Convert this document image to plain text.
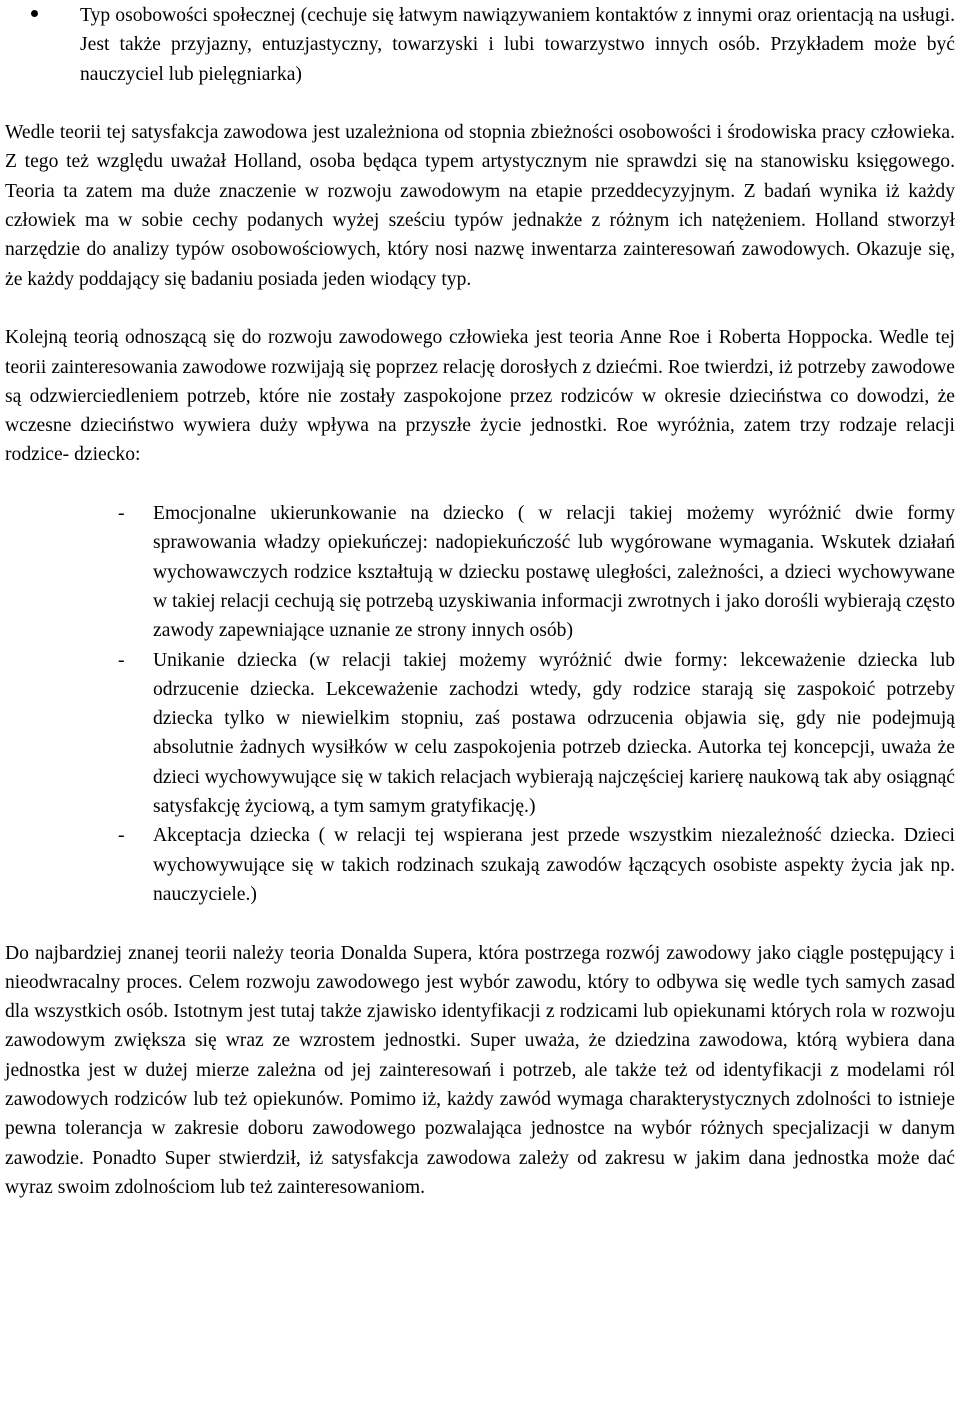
Typ osobowości społecznej (cechuje się łatwym nawiązywaniem kontaktów z innymi oraz orientacją na usługi. Jest także przyjazny, entuzjastyczny, towarzyski i lubi towarzystwo innych osób. Przykładem może być nauczyciel lub pielęgniarka)

Wedle teorii tej satysfakcja zawodowa jest uzależniona od stopnia zbieżności osobowości i środowiska pracy człowieka. Z tego też względu uważał Holland, osoba będąca typem artystycznym nie sprawdzi się na stanowisku księgowego. Teoria ta zatem ma duże znaczenie w rozwoju zawodowym na etapie przeddecyzyjnym. Z badań wynika iż każdy człowiek ma w sobie cechy podanych wyżej sześciu typów jednakże z różnym ich natężeniem. Holland stworzył narzędzie do analizy typów osobowościowych, który nosi nazwę inwentarza zainteresowań zawodowych. Okazuje się, że każdy poddający się badaniu posiada jeden wiodący typ.

Kolejną teorią odnoszącą się do rozwoju zawodowego człowieka jest teoria Anne Roe i Roberta Hoppocka. Wedle tej teorii zainteresowania zawodowe rozwijają się poprzez relację dorosłych z dziećmi. Roe twierdzi, iż potrzeby zawodowe są odzwierciedleniem potrzeb, które nie zostały zaspokojone przez rodziców w okresie dzieciństwa co dowodzi, że wczesne dzieciństwo wywiera duży wpływa na przyszłe życie jednostki. Roe wyróżnia, zatem trzy rodzaje relacji rodzice- dziecko:

- Emocjonalne ukierunkowanie na dziecko ( w relacji takiej możemy wyróżnić dwie formy sprawowania władzy opiekuńczej: nadopiekuńczość lub wygórowane wymagania. Wskutek działań wychowawczych rodzice kształtują w dziecku postawę uległości, zależności, a dzieci wychowywane w takiej relacji cechują się potrzebą uzyskiwania informacji zwrotnych i jako dorośli wybierają często zawody zapewniające uznanie ze strony innych osób)

- Unikanie dziecka (w relacji takiej możemy wyróżnić dwie formy: lekceważenie dziecka lub odrzucenie dziecka. Lekceważenie zachodzi wtedy, gdy rodzice starają się zaspokoić potrzeby dziecka tylko w niewielkim stopniu, zaś postawa odrzucenia objawia się, gdy nie podejmują absolutnie żadnych wysiłków w celu zaspokojenia potrzeb dziecka. Autorka tej koncepcji, uważa że dzieci wychowywujące się w takich relacjach wybierają najczęściej karierę naukową tak aby osiągnąć satysfakcję życiową, a tym samym gratyfikację.)

- Akceptacja dziecka ( w relacji tej wspierana jest przede wszystkim niezależność dziecka. Dzieci wychowywujące się w takich rodzinach szukają zawodów łączących osobiste aspekty życia jak np. nauczyciele.)

Do najbardziej znanej teorii należy teoria Donalda Supera, która postrzega rozwój zawodowy jako ciągle postępujący i nieodwracalny proces. Celem rozwoju zawodowego jest wybór zawodu, który to odbywa się wedle tych samych zasad dla wszystkich osób. Istotnym jest tutaj także zjawisko identyfikacji z rodzicami lub opiekunami których rola w rozwoju zawodowym zwiększa się wraz ze wzrostem jednostki. Super uważa, że dziedzina zawodowa, którą wybiera dana jednostka jest w dużej mierze zależna od jej zainteresowań i potrzeb, ale także też od identyfikacji z modelami ról zawodowych rodziców lub też opiekunów. Pomimo iż, każdy zawód wymaga charakterystycznych zdolności to istnieje pewna tolerancja w zakresie doboru zawodowego pozwalająca jednostce na wybór różnych specjalizacji w danym zawodzie. Ponadto Super stwierdził, iż satysfakcja zawodowa zależy od zakresu w jakim dana jednostka może dać wyraz swoim zdolnościom lub też zainteresowaniom.
